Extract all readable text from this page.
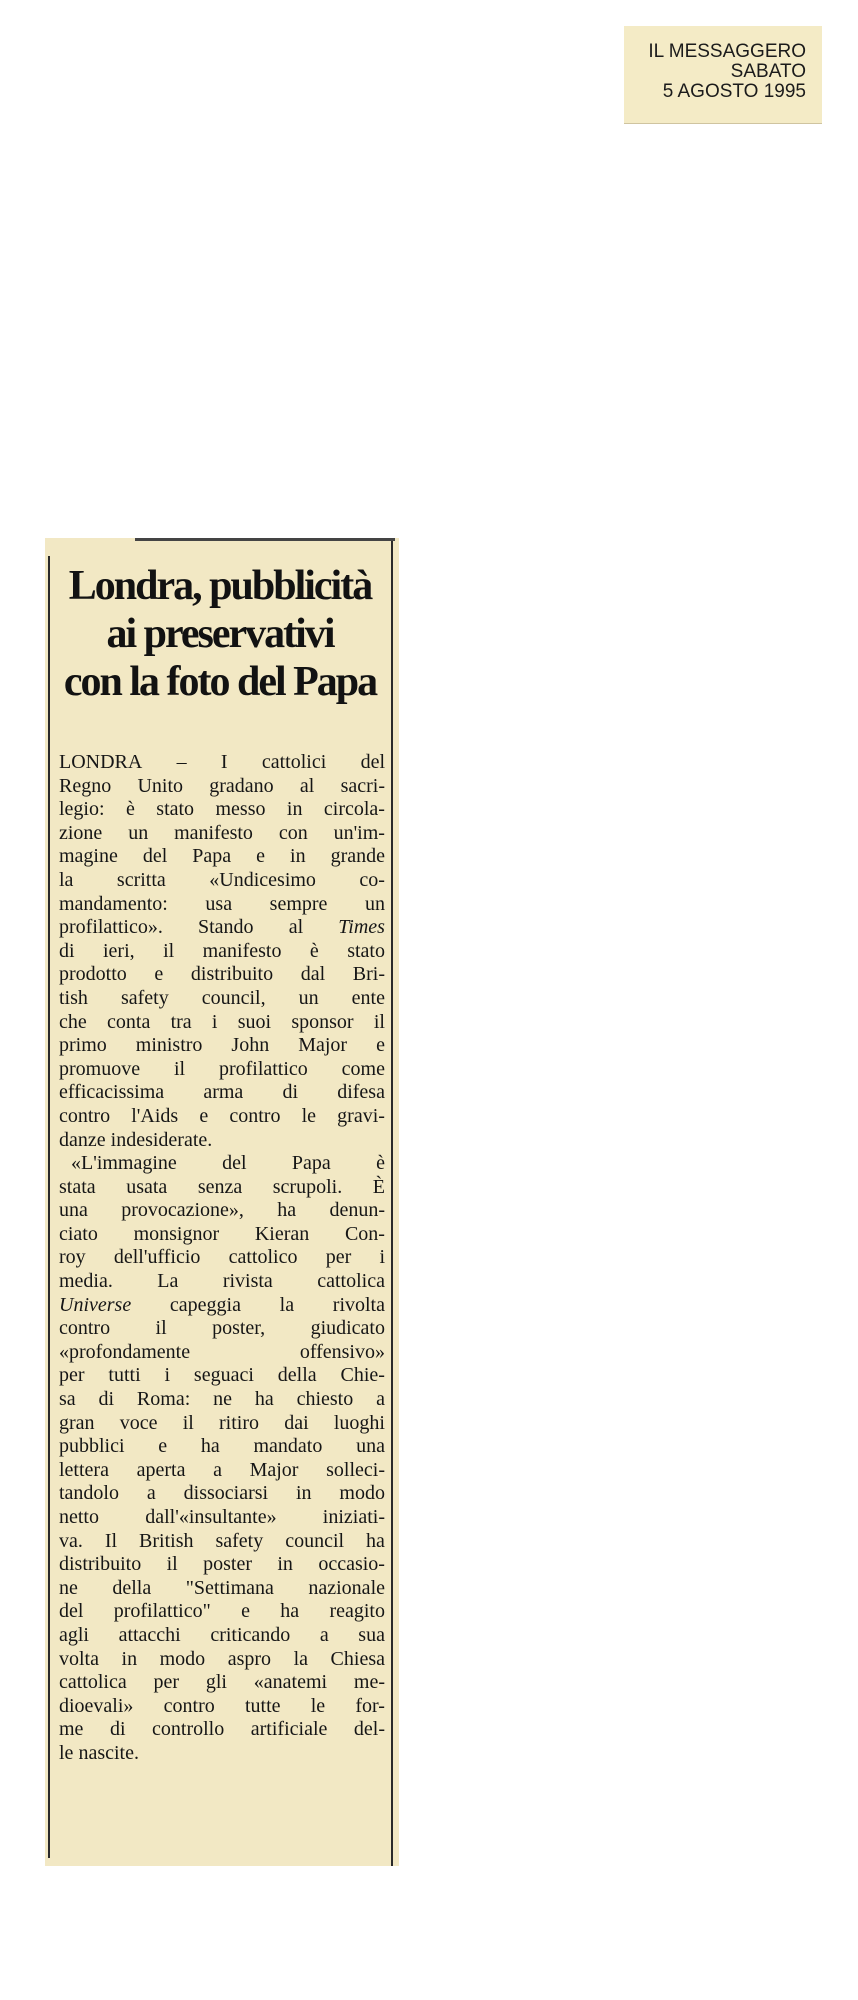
IL MESSAGGERO
SABATO
5 AGOSTO 1995
Londra, pubblicità
ai preservativi
con la foto del Papa
LONDRA – I cattolici del
Regno Unito gradano al sacri-
legio: è stato messo in circola-
zione un manifesto con un'im-
magine del Papa e in grande
la scritta «Undicesimo co-
mandamento: usa sempre un
profilattico». Stando al Times
di ieri, il manifesto è stato
prodotto e distribuito dal Bri-
tish safety council, un ente
che conta tra i suoi sponsor il
primo ministro John Major e
promuove il profilattico come
efficacissima arma di difesa
contro l'Aids e contro le gravi-
danze indesiderate.
«L'immagine del Papa è
stata usata senza scrupoli. È
una provocazione», ha denun-
ciato monsignor Kieran Con-
roy dell'ufficio cattolico per i
media. La rivista cattolica
Universe capeggia la rivolta
contro il poster, giudicato
«profondamente	offensivo»
per tutti i seguaci della Chie-
sa di Roma: ne ha chiesto a
gran voce il ritiro dai luoghi
pubblici e ha mandato una
lettera aperta a Major solleci-
tandolo a dissociarsi in modo
netto dall'«insultante» iniziati-
va. Il British safety council ha
distribuito il poster in occasio-
ne della "Settimana nazionale
del profilattico" e ha reagito
agli attacchi criticando a sua
volta in modo aspro la Chiesa
cattolica per gli «anatemi me-
dioevali» contro tutte le for-
me di controllo artificiale del-
le nascite.
